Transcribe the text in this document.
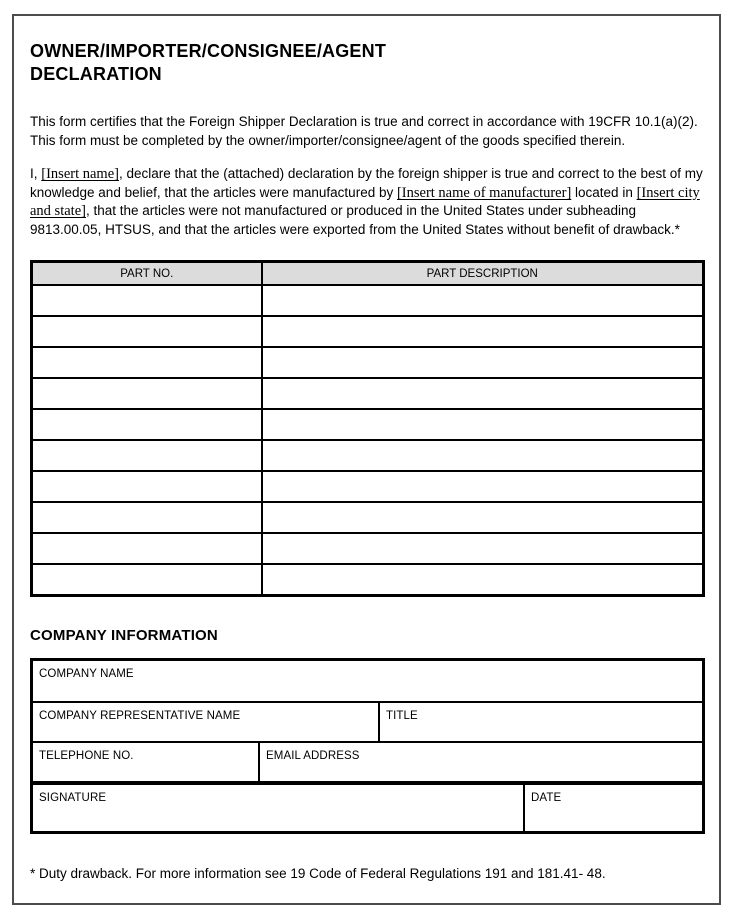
OWNER/IMPORTER/CONSIGNEE/AGENT
DECLARATION

This form certifies that the Foreign Shipper Declaration is true and correct in accordance with 19CFR 10.1(a)(2). This form must be completed by the owner/importer/consignee/agent of the goods specified therein.

I, [Insert name], declare that the (attached) declaration by the foreign shipper is true and correct to the best of my knowledge and belief, that the articles were manufactured by [Insert name of manufacturer] located in [Insert city and state], that the articles were not manufactured or produced in the United States under subheading 9813.00.05, HTSUS, and that the articles were exported from the United States without benefit of drawback.*

PART NO.	PART DESCRIPTION

COMPANY INFORMATION
COMPANY NAME
COMPANY REPRESENTATIVE NAME	TITLE
TELEPHONE NO.	EMAIL ADDRESS
SIGNATURE	DATE

* Duty drawback. For more information see 19 Code of Federal Regulations 191 and 181.41- 48.
